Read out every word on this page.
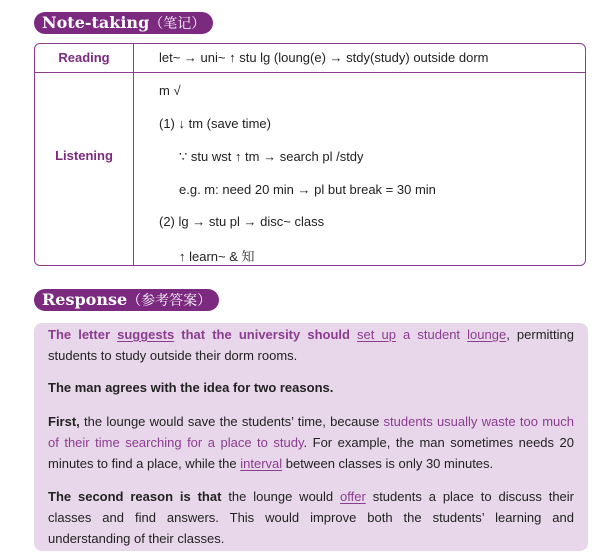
Note-taking（笔记）
Reading	let~ → uni~ ↑ stu lg (loung(e) → stdy(study) outside dorm
Listening
m √
(1) ↓ tm (save time)
∵ stu wst ↑ tm → search pl /stdy
e.g. m: need 20 min → pl but break = 30 min
(2) lg → stu pl → disc~ class
↑ learn~ & 知
Response（参考答案）
The letter suggests that the university should set up a student lounge, permitting students to study outside their dorm rooms.
The man agrees with the idea for two reasons.
First, the lounge would save the students’ time, because students usually waste too much of their time searching for a place to study. For example, the man sometimes needs 20 minutes to find a place, while the interval between classes is only 30 minutes.
The second reason is that the lounge would offer students a place to discuss their classes and find answers. This would improve both the students’ learning and understanding of their classes.
